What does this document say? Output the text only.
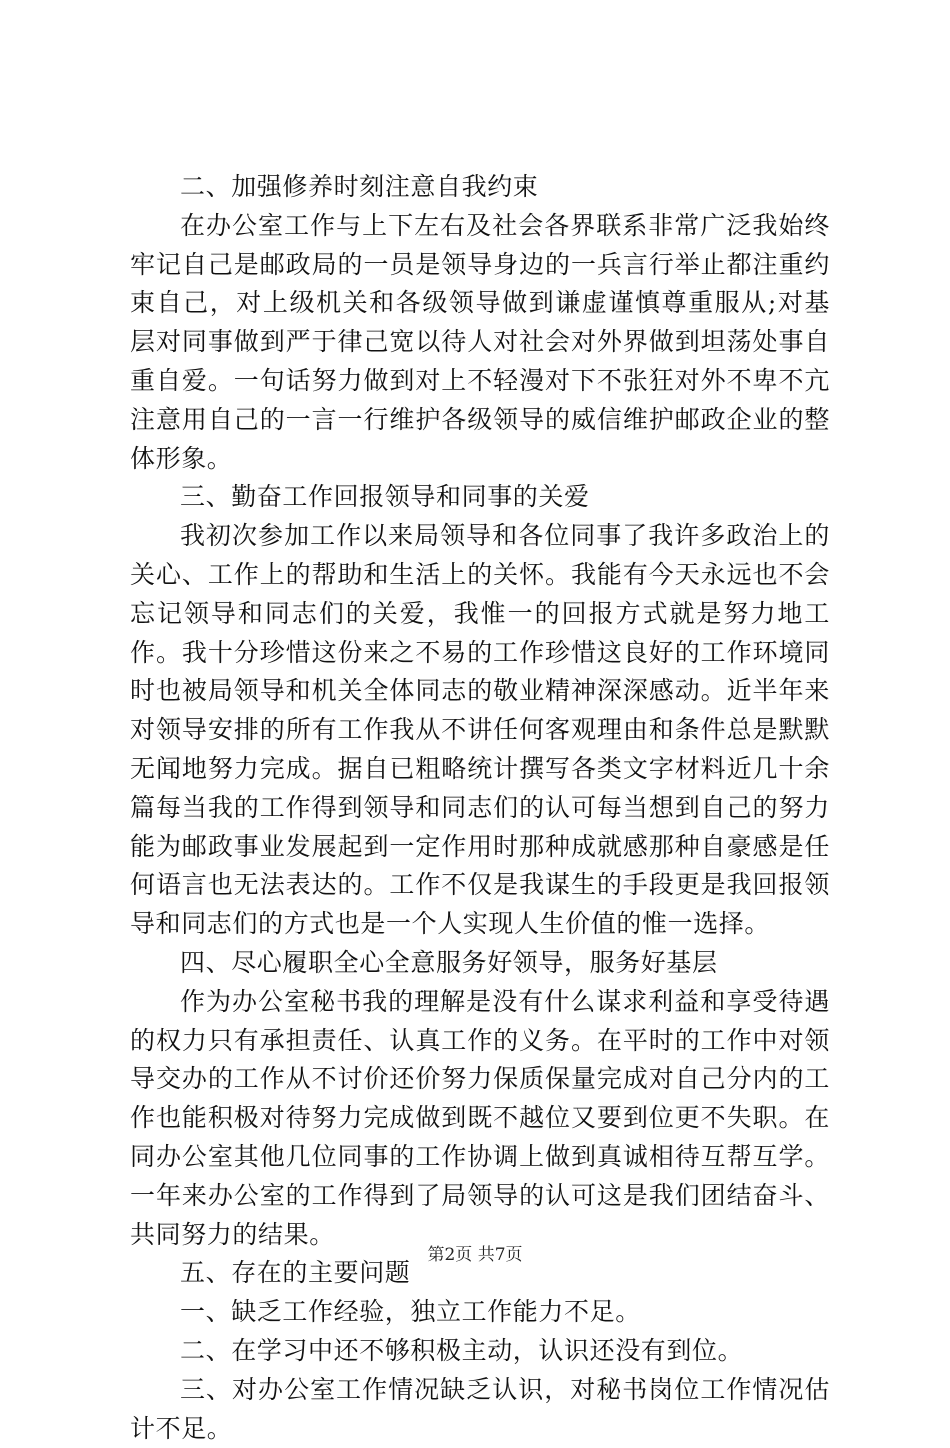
二、加强修养时刻注意自我约束

在办公室工作与上下左右及社会各界联系非常广泛我始终牢记自己是邮政局的一员是领导身边的一兵言行举止都注重约束自己，对上级机关和各级领导做到谦虚谨慎尊重服从;对基层对同事做到严于律己宽以待人对社会对外界做到坦荡处事自重自爱。一句话努力做到对上不轻漫对下不张狂对外不卑不亢注意用自己的一言一行维护各级领导的威信维护邮政企业的整体形象。

三、勤奋工作回报领导和同事的关爱

我初次参加工作以来局领导和各位同事了我许多政治上的关心、工作上的帮助和生活上的关怀。我能有今天永远也不会忘记领导和同志们的关爱，我惟一的回报方式就是努力地工作。我十分珍惜这份来之不易的工作珍惜这良好的工作环境同时也被局领导和机关全体同志的敬业精神深深感动。近半年来对领导安排的所有工作我从不讲任何客观理由和条件总是默默无闻地努力完成。据自已粗略统计撰写各类文字材料近几十余篇每当我的工作得到领导和同志们的认可每当想到自己的努力能为邮政事业发展起到一定作用时那种成就感那种自豪感是任何语言也无法表达的。工作不仅是我谋生的手段更是我回报领导和同志们的方式也是一个人实现人生价值的惟一选择。

四、尽心履职全心全意服务好领导，服务好基层

作为办公室秘书我的理解是没有什么谋求利益和享受待遇的权力只有承担责任、认真工作的义务。在平时的工作中对领导交办的工作从不讨价还价努力保质保量完成对自己分内的工作也能积极对待努力完成做到既不越位又要到位更不失职。在同办公室其他几位同事的工作协调上做到真诚相待互帮互学。一年来办公室的工作得到了局领导的认可这是我们团结奋斗、共同努力的结果。

五、存在的主要问题

一、缺乏工作经验，独立工作能力不足。

二、在学习中还不够积极主动，认识还没有到位。

三、对办公室工作情况缺乏认识，对秘书岗位工作情况估计不足。

第2页 共7页
